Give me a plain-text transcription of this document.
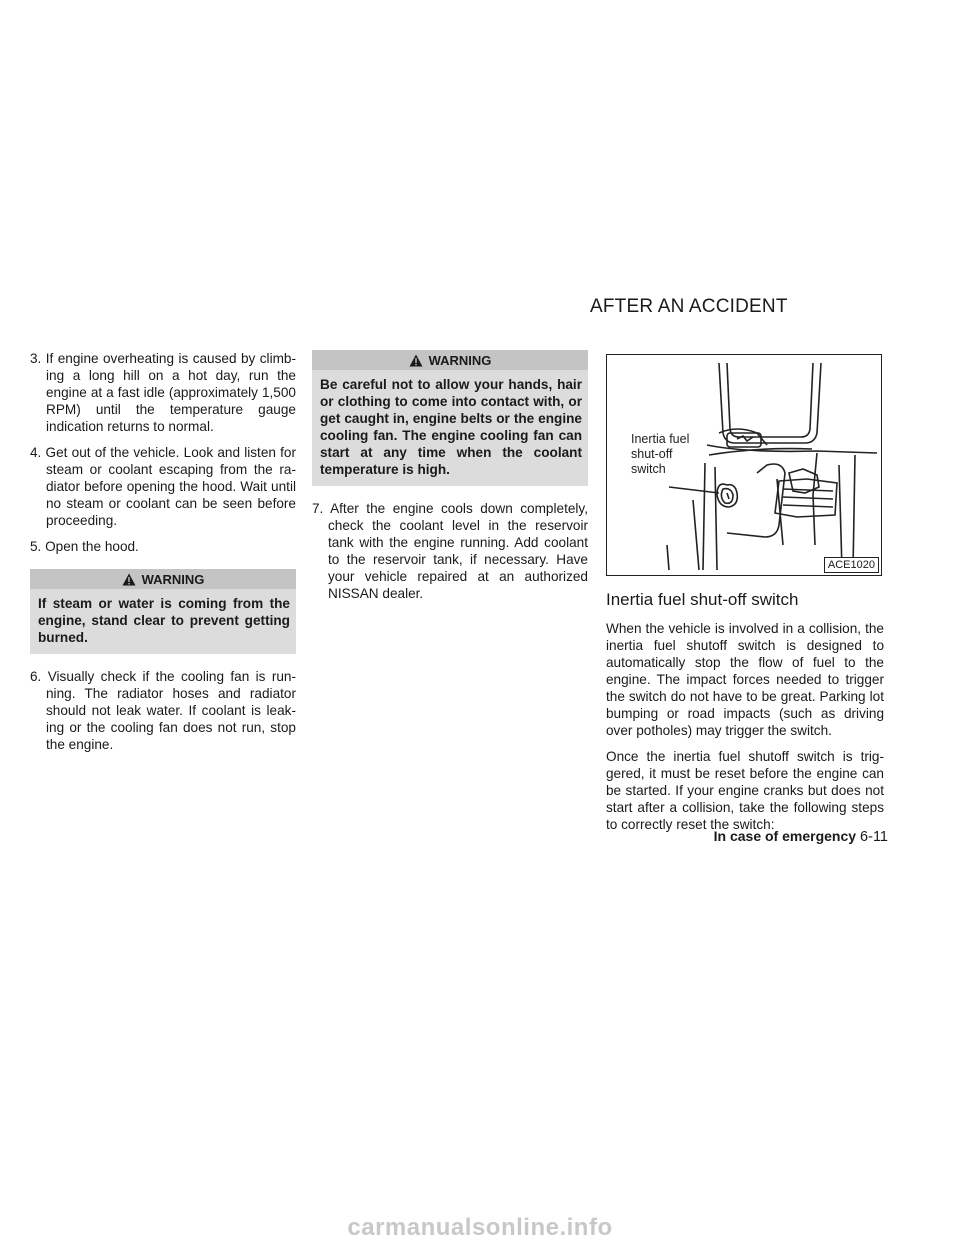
AFTER AN ACCIDENT

3. If engine overheating is caused by climb- ing a long hill on a hot day, run the engine at a fast idle (approximately 1,500 RPM) until the temperature gauge indication returns to normal.

4. Get out of the vehicle. Look and listen for steam or coolant escaping from the ra- diator before opening the hood. Wait until no steam or coolant can be seen before proceeding.

5. Open the hood.

WARNING
If steam or water is coming from the engine, stand clear to prevent getting burned.

6. Visually check if the cooling fan is run- ning. The radiator hoses and radiator should not leak water. If coolant is leak- ing or the cooling fan does not run, stop the engine.

WARNING
Be careful not to allow your hands, hair or clothing to come into contact with, or get caught in, engine belts or the engine cooling fan. The engine cooling fan can start at any time when the coolant temperature is high.

7. After the engine cools down completely, check the coolant level in the reservoir tank with the engine running. Add coolant to the reservoir tank, if necessary. Have your vehicle repaired at an authorized NISSAN dealer.

Inertia fuel
shut-off
switch
ACE1020
Inertia fuel shut-off switch

When the vehicle is involved in a collision, the inertia fuel shutoff switch is designed to automatically stop the flow of fuel to the engine. The impact forces needed to trigger the switch do not have to be great. Parking lot bumping or road impacts (such as driving over potholes) may trigger the switch.

Once the inertia fuel shutoff switch is trig- gered, it must be reset before the engine can be started. If your engine cranks but does not start after a collision, take the following steps to correctly reset the switch:

In case of emergency 6-11
carmanualsonline.info
